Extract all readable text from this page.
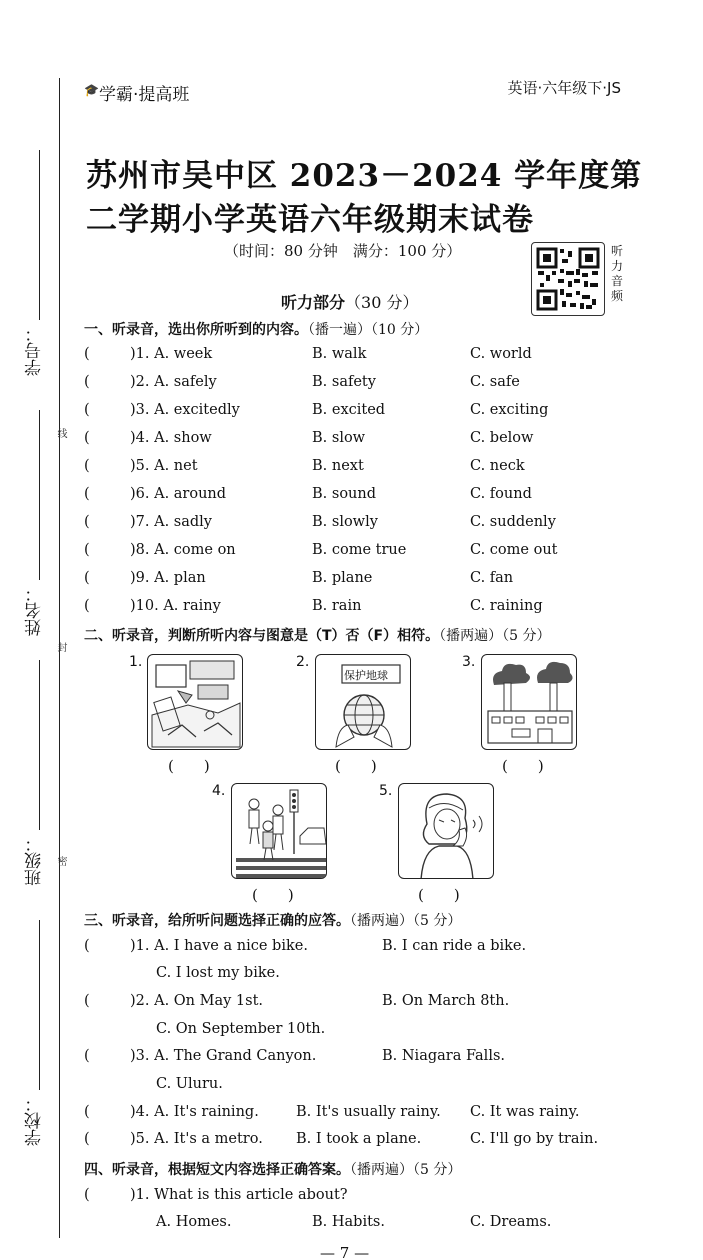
学号：
姓名：
班级：
学校：
线
封
密
🎓学霸·提高班	英语·六年级下·JS
苏州市吴中区 2023－2024 学年度第
二学期小学英语六年级期末试卷
（时间：80 分钟　满分：100 分）	听力音频
听力部分（30 分）
一、听录音，选出你所听到的内容。（播一遍）（10 分）
(	)1. A. week	B. walk	C. world
(	)2. A. safely	B. safety	C. safe
(	)3. A. excitedly	B. excited	C. exciting
(	)4. A. show	B. slow	C. below
(	)5. A. net	B. next	C. neck
(	)6. A. around	B. sound	C. found
(	)7. A. sadly	B. slowly	C. suddenly
(	)8. A. come on	B. come true	C. come out
(	)9. A. plan	B. plane	C. fan
(	)10. A. rainy	B. rain	C. raining
二、听录音，判断所听内容与图意是（T）否（F）相符。（播两遍）（5 分）
1.
(　　)
2.
保护地球
(　　)
3.
(　　)
4.
(　　)
5.
(　　)
三、听录音，给所听问题选择正确的应答。（播两遍）（5 分）
(	)1. A. I have a nice bike.	B. I can ride a bike.
C. I lost my bike.
(	)2. A. On May 1st.	B. On March 8th.
C. On September 10th.
(	)3. A. The Grand Canyon.	B. Niagara Falls.
C. Uluru.
(	)4. A. It's raining.	B. It's usually rainy. C. It was rainy.
(	)5. A. It's a metro. B. I took a plane.	C. I'll go by train.
四、听录音，根据短文内容选择正确答案。（播两遍）（5 分）
(	)1. What is this article about?
A. Homes.	B. Habits.	C. Dreams.
— 7 —
